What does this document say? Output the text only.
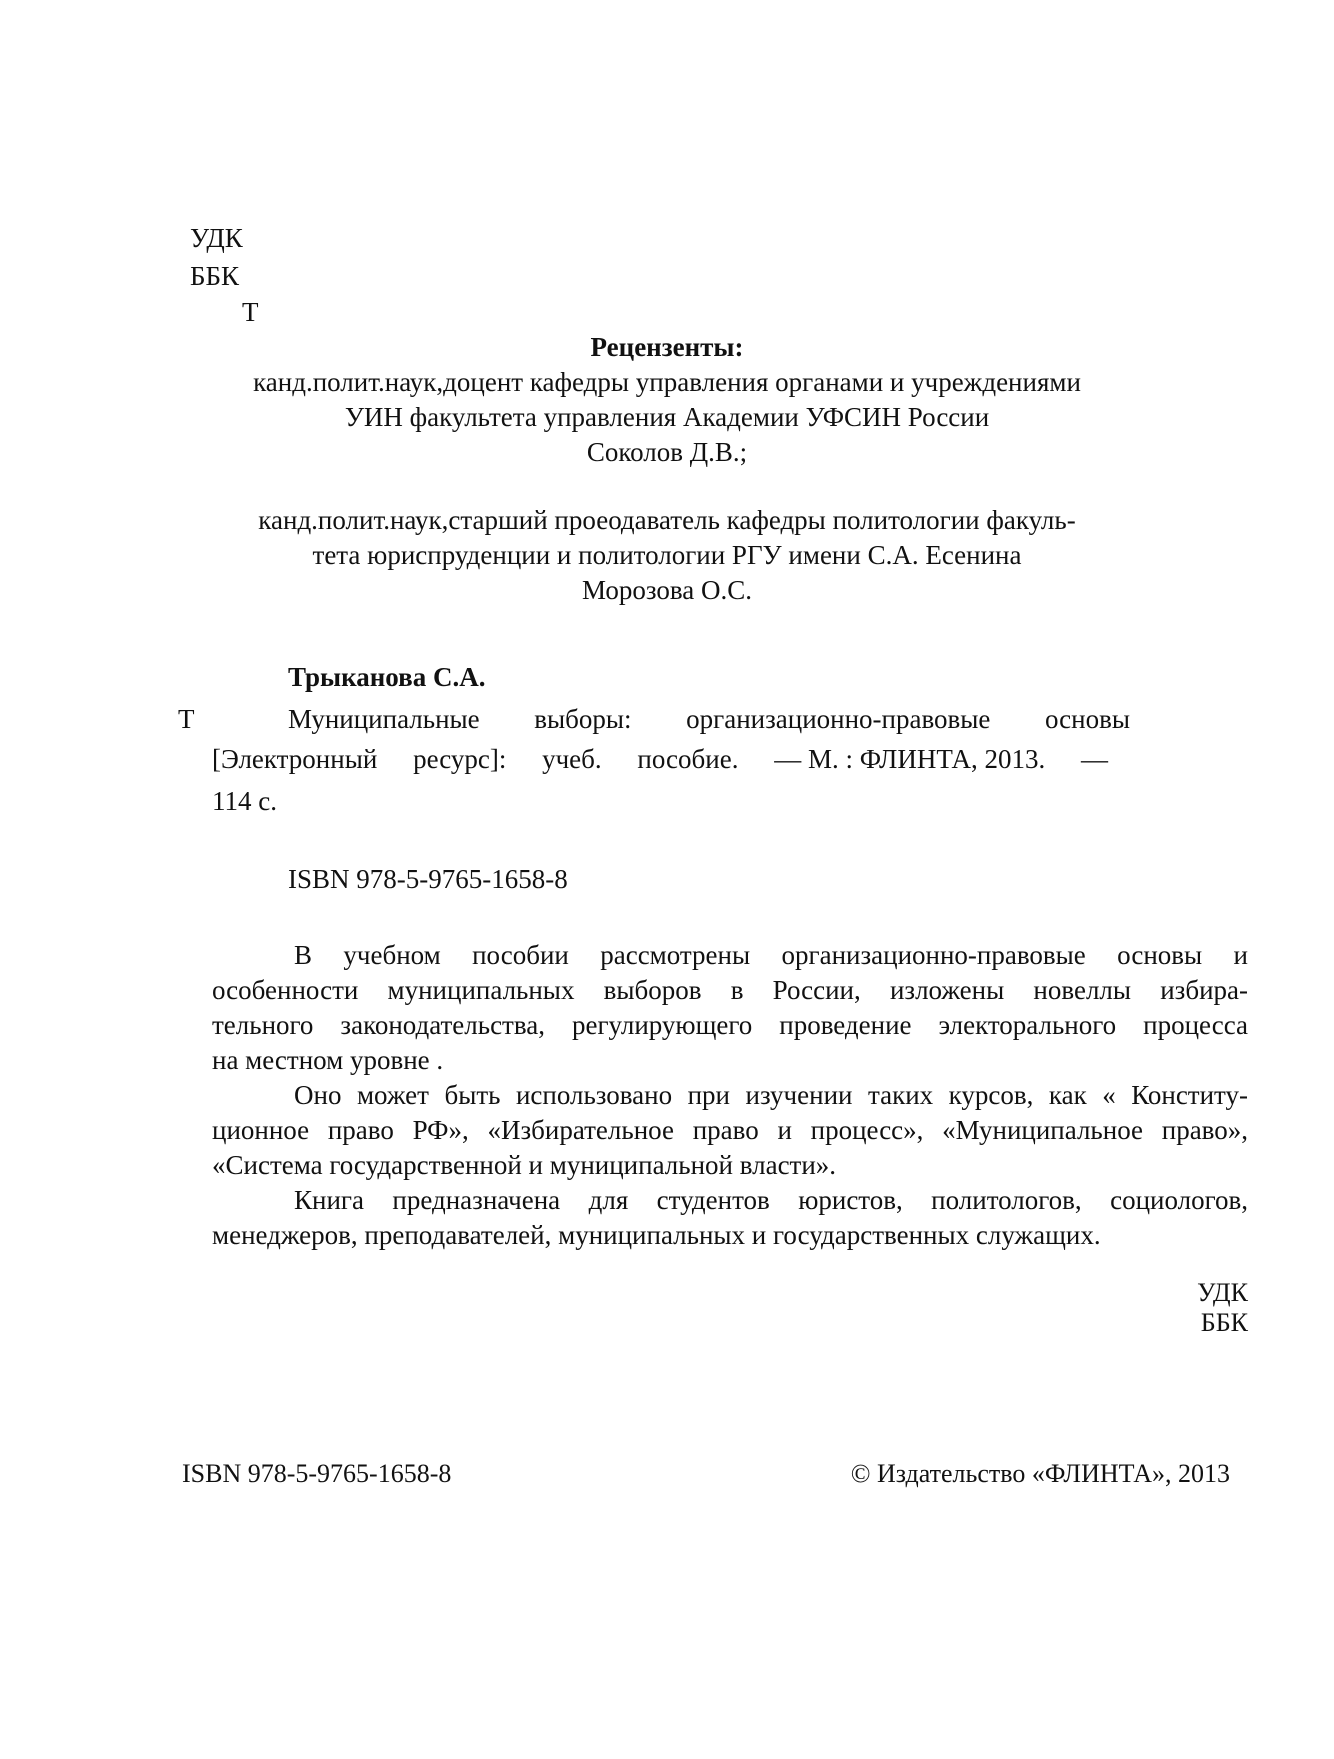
УДК
ББК
Т
Рецензенты:
канд.полит.наук,доцент кафедры управления органами и учреждениями
УИН факультета управления Академии УФСИН России
Соколов Д.В.;
канд.полит.наук,старший проеодаватель кафедры политологии факуль-
тета юриспруденции и политологии РГУ имени С.А. Есенина
Морозова О.С.
Трыканова С.А.
Т	Муниципальные выборы: организационно-правовые основы
[Электронный ресурс]: учеб. пособие. — М. : ФЛИНТА, 2013. —
114 с.
ISBN 978-5-9765-1658-8
В учебном пособии рассмотрены организационно-правовые основы и
особенности муниципальных выборов в России, изложены новеллы избира-
тельного законодательства, регулирующего проведение электорального процесса
на местном уровне .
Оно может быть использовано при изучении таких курсов, как « Конститу-
ционное право РФ», «Избирательное право и процесс», «Муниципальное право»,
«Система государственной и муниципальной власти».
Книга предназначена для студентов юристов, политологов, социологов,
менеджеров, преподавателей, муниципальных и государственных служащих.
УДК
ББК
ISBN 978-5-9765-1658-8	© Издательство «ФЛИНТА», 2013
